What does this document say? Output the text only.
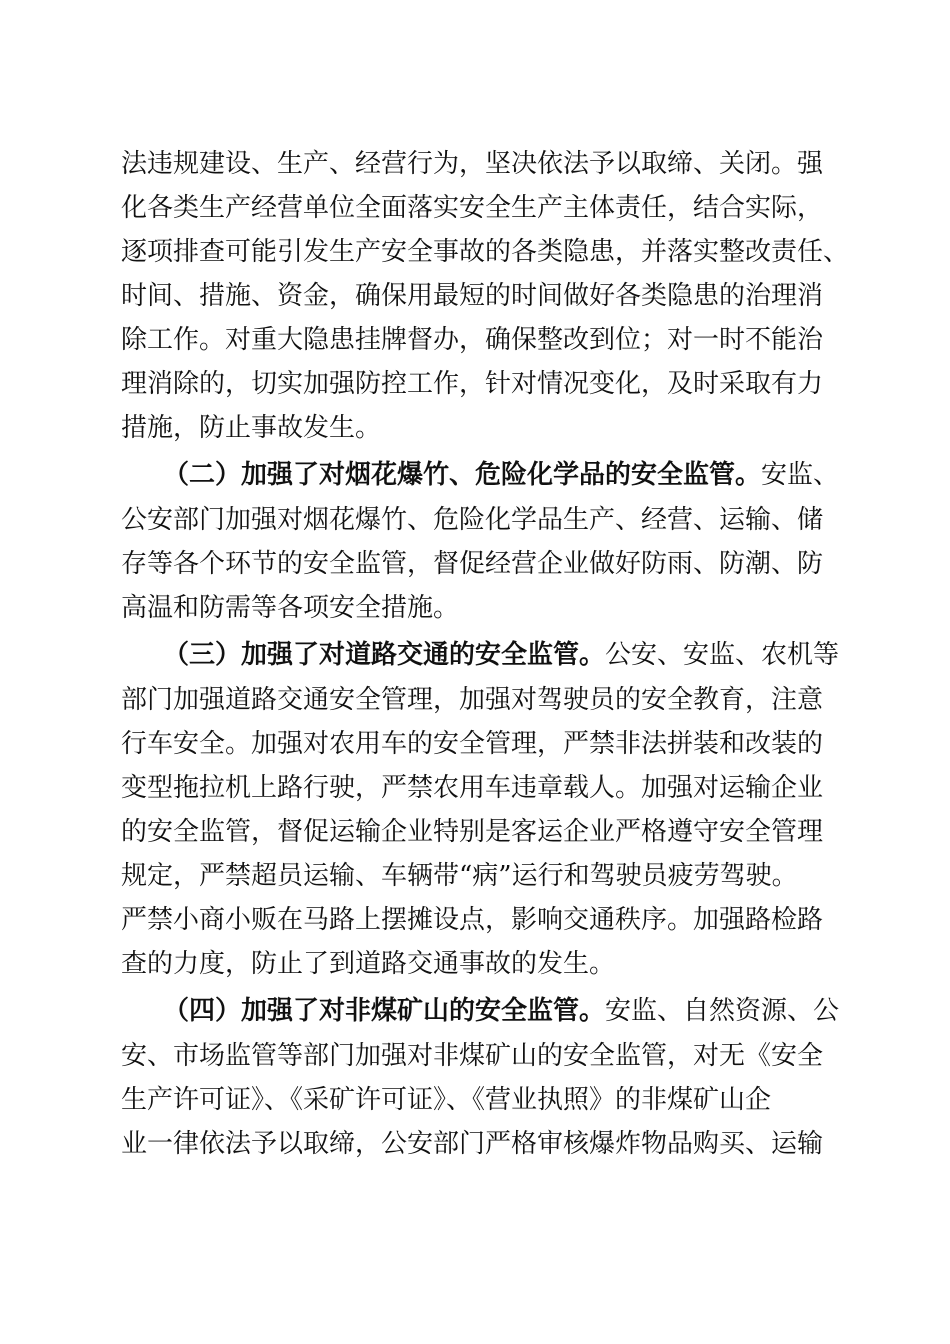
法违规建设、生产、经营行为，坚决依法予以取缔、关闭。强
化各类生产经营单位全面落实安全生产主体责任，结合实际，
逐项排查可能引发生产安全事故的各类隐患，并落实整改责任、
时间、措施、资金，确保用最短的时间做好各类隐患的治理消
除工作。对重大隐患挂牌督办，确保整改到位；对一时不能治
理消除的，切实加强防控工作，针对情况变化，及时采取有力
措施，防止事故发生。
（二）加强了对烟花爆竹、危险化学品的安全监管。安监、
公安部门加强对烟花爆竹、危险化学品生产、经营、运输、储
存等各个环节的安全监管，督促经营企业做好防雨、防潮、防
高温和防需等各项安全措施。
（三）加强了对道路交通的安全监管。公安、安监、农机等
部门加强道路交通安全管理，加强对驾驶员的安全教育，注意
行车安全。加强对农用车的安全管理，严禁非法拼装和改装的
变型拖拉机上路行驶，严禁农用车违章载人。加强对运输企业
的安全监管，督促运输企业特别是客运企业严格遵守安全管理
规定，严禁超员运输、车辆带“病”运行和驾驶员疲劳驾驶。
严禁小商小贩在马路上摆摊设点，影响交通秩序。加强路检路
查的力度，防止了到道路交通事故的发生。
（四）加强了对非煤矿山的安全监管。安监、自然资源、公
安、市场监管等部门加强对非煤矿山的安全监管，对无《安全
生产许可证》、《采矿许可证》、《营业执照》的非煤矿山企
业一律依法予以取缔，公安部门严格审核爆炸物品购买、运输
